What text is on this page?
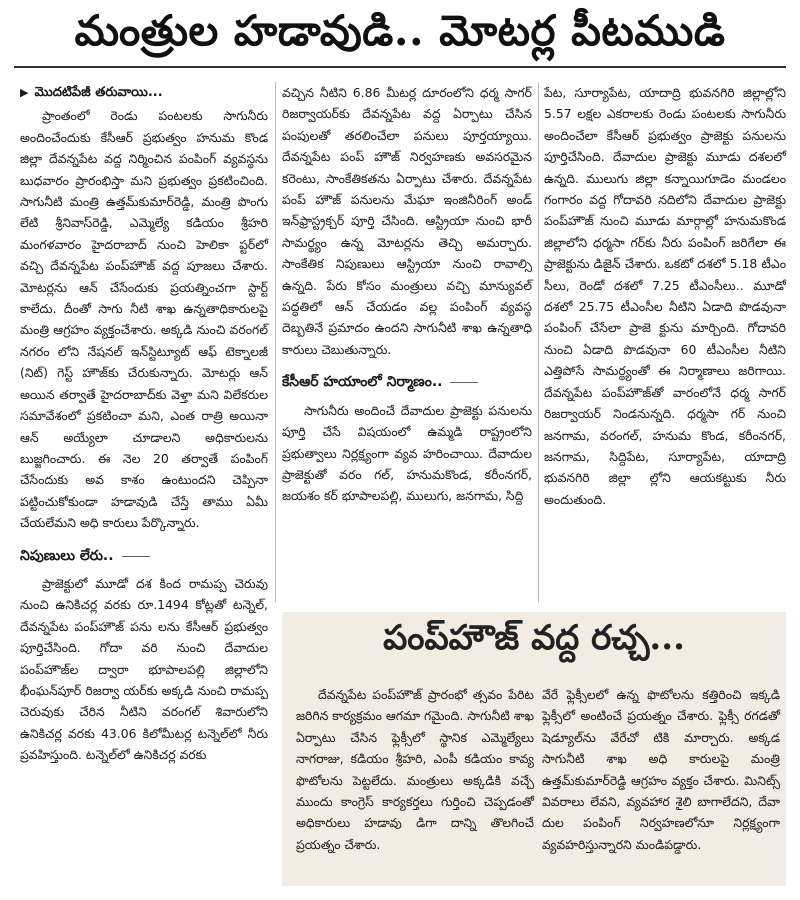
మంత్రుల హడావుడి.. మోటర్ల పీటముడి
▶ మొదటిపేజీ తరువాయి...

ప్రాంతంలో రెండు పంటలకు సాగునీరు అందించేందుకు కేసీఆర్ ప్రభుత్వం హనుమ కొండ జిల్లా దేవన్నపేట వద్ద నిర్మించిన పంపింగ్ వ్యవస్థను బుధవారం ప్రారంభిస్తా మని ప్రభుత్వం ప్రకటించింది. సాగునీటి మంత్రి ఉత్తమ్‌కుమార్‌రెడ్డి, మంత్రి పొంగు లేటి శ్రీనివాస్‌రెడ్డి, ఎమ్మెల్యే కడియం శ్రీహరి మంగళవారం హైదరాబాద్ నుంచి హెలికా ప్టర్‌లో వచ్చి దేవన్నపేట పంప్‌హౌజ్ వద్ద పూజలు చేశారు. మోటర్లను ఆన్ చేసేందుకు ప్రయత్నించగా స్టార్ట్ కాలేదు. దీంతో సాగు నీటి శాఖ ఉన్నతాధికారులపై మంత్రి ఆగ్రహం వ్యక్తంచేశారు. అక్కడి నుంచి వరంగల్ నగరం లోని నేషనల్ ఇన్‌స్టిట్యూట్ ఆఫ్ టెక్నాలజీ (నిట్) గెస్ట్ హౌజ్‌కు చేరుకున్నారు. మోటర్లు ఆన్ అయిన తర్వాతే హైదరాబాద్‌కు వెళ్తా మని విలేకరుల సమావేశంలో ప్రకటించా మని, ఎంత రాత్రి అయినా ఆన్ అయ్యేలా చూడాలని అధికారులను బుజ్జగించారు. ఈ నెల 20 తర్వాతే పంపింగ్ చేసేందుకు అవ కాశం ఉంటుందని చెప్పినా పట్టించుకోకుండా హడావుడి చేస్తే తాము ఏమీ చేయలేమని అధి కారులు పేర్కొన్నారు.

నిపుణులు లేరు..

ప్రాజెక్టులో మూడో దశ కింద రామప్ప చెరువు నుంచి ఉనికిచర్ల వరకు రూ.1494 కోట్లతో టన్నెల్, దేవన్నపేట పంప్‌హౌజ్ పను లను కేసీఆర్ ప్రభుత్వం పూర్తిచేసింది. గోదా వరి నుంచి దేవాదుల పంప్‌హౌజ్‌ల ద్వారా భూపాలపల్లి జిల్లాలోని భీంఘన్‌పూర్ రిజర్వా యర్‌కు అక్కడి నుంచి రామప్ప చెరువుకు చేరిన నీటిని వరంగల్ శివారులోని ఉనికిచర్ల వరకు 43.06 కిలోమీటర్ల టన్నెల్‌లో నీరు ప్రవహిస్తుంది. టన్నెల్‌లో ఉనికిచర్ల వరకు

వచ్చిన నీటిని 6.86 మీటర్ల దూరంలోని ధర్మ సాగర్ రిజర్వాయర్‌కు దేవన్నపేట వద్ద ఏర్పాటు చేసిన పంపులతో తరలించేలా పనులు పూర్తయ్యాయి. దేవన్నపేట పంప్ హౌజ్ నిర్వహణకు అవసరమైన కరెంటు, సాంకేతికతను ఏర్పాటు చేశారు. దేవన్నపేట పంప్ హౌజ్ పనులను మేఘా ఇంజినీరింగ్ అండ్ ఇన్‌ఫ్రాస్ట్రక్చర్ పూర్తి చేసింది. ఆస్ట్రియా నుంచి భారీ సామర్థ్యం ఉన్న మోటర్లను తెచ్చి అమర్చారు. సాంకేతిక నిపుణులు ఆస్ట్రియా నుంచి రావాల్సి ఉన్నది. పేరు కోసం మంత్రులు వచ్చి మాన్యువల్ పద్ధతిలో ఆన్ చేయడం వల్ల పంపింగ్ వ్యవస్థ దెబ్బతినే ప్రమాదం ఉందని సాగునీటి శాఖ ఉన్నతాధి కారులు చెబుతున్నారు.

కేసీఆర్ హయాంలో నిర్మాణం..

సాగునీరు అందించే దేవాదుల ప్రాజెక్టు పనులను పూర్తి చేసే విషయంలో ఉమ్మడి రాష్ట్రంలోని ప్రభుత్వాలు నిర్లక్ష్యంగా వ్యవ హరించాయి. దేవాదుల ప్రాజెక్టుతో వరం గల్, హనుమకొండ, కరీంనగర్, జయశం కర్ భూపాలపల్లి, ములుగు, జనగామ, సిద్ది

పేట, సూర్యాపేట, యాదాద్రి భువనగిరి జిల్లాల్లోని 5.57 లక్షల ఎకరాలకు రెండు పంటలకు సాగునీరు అందించేలా కేసీఆర్ ప్రభుత్వం ప్రాజెక్టు పనులను పూర్తిచేసింది. దేవాదుల ప్రాజెక్టు మూడు దశలలో ఉన్నది. ములుగు జిల్లా కన్నాయిగూడెం మండలం గంగారం వద్ద గోదావరి నదిలోని దేవాదుల ప్రాజెక్టు పంప్‌హౌజ్ నుంచి మూడు మార్గాల్లో హనుమకొండ జిల్లాలోని ధర్మసా గర్‌కు నీరు పంపింగ్ జరిగేలా ఈ ప్రాజెక్టును డిజైన్ చేశారు. ఒకటో దశలో 5.18 టీఎం సీలు, రెండో దశలో 7.25 టీఎంసీలు.. మూడో దశలో 25.75 టీఎంసీల నీటిని ఏడాది పొడవునా పంపింగ్ చేసేలా ప్రాజె క్టును మార్చింది. గోదావరి నుంచి ఏడాది పొడవునా 60 టీఎంసీల నీటిని ఎత్తిపోసే సామర్థ్యంతో ఈ నిర్మాణాలు జరిగాయి. దేవన్నపేట పంప్‌హౌజ్‌తో వారంలోనే ధర్మ సాగర్ రిజర్వాయర్ నిండనున్నది. ధర్మసా గర్ నుంచి జనగామ, వరంగల్, హనుమ కొండ, కరీంనగర్, జనగామ, సిద్దిపేట, సూర్యాపేట, యాదాద్రి భువనగిరి జిల్లా ల్లోని ఆయకట్టుకు నీరు అందుతుంది.

పంప్‌హౌజ్ వద్ద రచ్చ...

దేవన్నపేట పంప్‌హౌజ్ ప్రారంభో త్సవం పేరిట జరిగిన కార్యక్రమం ఆగమా గమైంది. సాగునీటి శాఖ ఏర్పాటు చేసిన ఫ్లెక్సీలో స్థానిక ఎమ్మెల్యేలు నాగరాజు, కడియం శ్రీహరి, ఎంపీ కడియం కావ్య ఫొటోలను పెట్టలేదు. మంత్రులు అక్కడికి వచ్చే ముందు కాంగ్రెస్ కార్యకర్తలు గుర్తించి చెప్పడంతో అధికారులు హడావు డిగా దాన్ని తొలగించే ప్రయత్నం చేశారు.

వేరే ఫ్లెక్సీలలో ఉన్న ఫొటోలను కత్తిరించి ఇక్కడి ఫ్లెక్సీలో అంటించే ప్రయత్నం చేశారు. ఫ్లెక్సీ రగడతో షెడ్యూల్‌ను వేరేచో టికి మార్చారు. అక్కడ సాగునీటి శాఖ అధి కారులపై మంత్రి ఉత్తమ్‌కుమార్‌రెడ్డి ఆగ్రహం వ్యక్తం చేశారు. మినిట్స్ వివరాలు లేవని, వ్యవహార శైలి బాగాలేదని, దేవా దుల పంపింగ్ నిర్వహణలోనూ నిర్లక్ష్యంగా వ్యవహరిస్తున్నారని మండిపడ్డారు.
